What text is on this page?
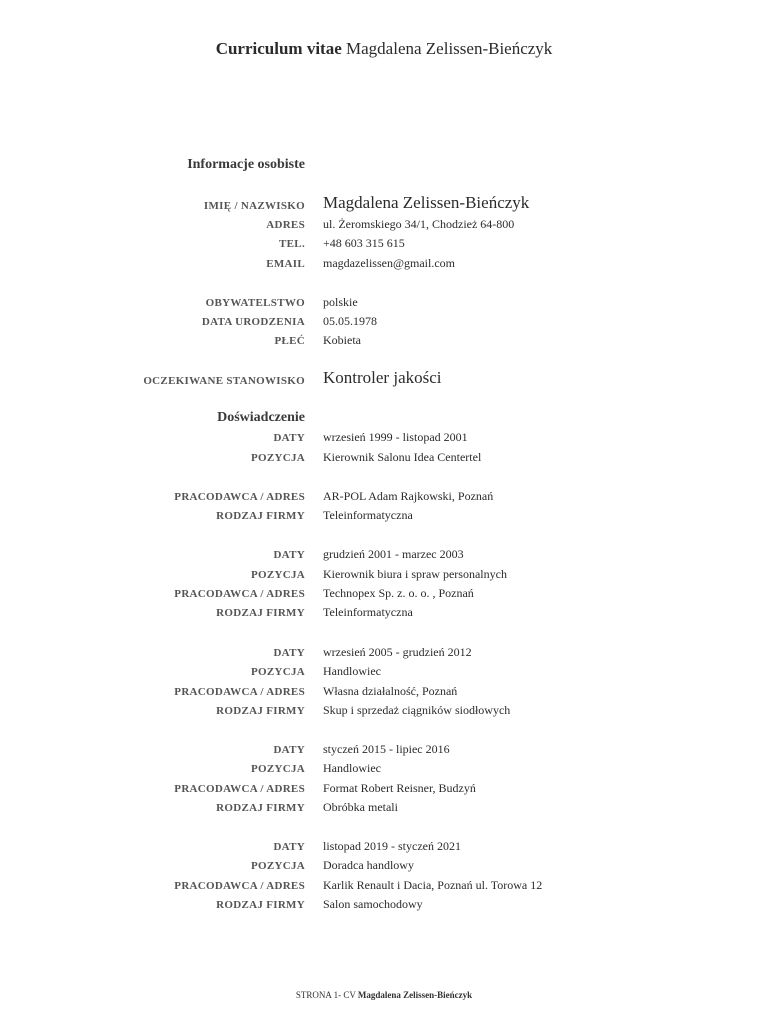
Curriculum vitae Magdalena Zelissen-Bieńczyk
Informacje osobiste
IMIĘ / NAZWISKO Magdalena Zelissen-Bieńczyk
ADRES ul. Żeromskiego 34/1, Chodzież 64-800
TEL. +48 603 315 615
EMAIL magdazelissen@gmail.com
OBYWATELSTWO polskie
DATA URODZENIA 05.05.1978
PŁEĆ Kobieta
OCZEKIWANE STANOWISKO Kontroler jakości
Doświadczenie
DATY wrzesień 1999 - listopad 2001
POZYCJA Kierownik Salonu Idea Centertel
PRACODAWCA / ADRES AR-POL Adam Rajkowski, Poznań
RODZAJ FIRMY Teleinformatyczna
DATY grudzień 2001 - marzec 2003
POZYCJA Kierownik biura i spraw personalnych
PRACODAWCA / ADRES Technopex Sp. z. o. o. , Poznań
RODZAJ FIRMY Teleinformatyczna
DATY wrzesień 2005 - grudzień 2012
POZYCJA Handlowiec
PRACODAWCA / ADRES Własna działalność, Poznań
RODZAJ FIRMY Skup i sprzedaż ciągników siodłowych
DATY styczeń 2015 - lipiec 2016
POZYCJA Handlowiec
PRACODAWCA / ADRES Format Robert Reisner, Budzyń
RODZAJ FIRMY Obróbka metali
DATY listopad 2019 - styczeń 2021
POZYCJA Doradca handlowy
PRACODAWCA / ADRES Karlik Renault i Dacia, Poznań ul. Torowa 12
RODZAJ FIRMY Salon samochodowy
STRONA 1- CV Magdalena Zelissen-Bieńczyk
